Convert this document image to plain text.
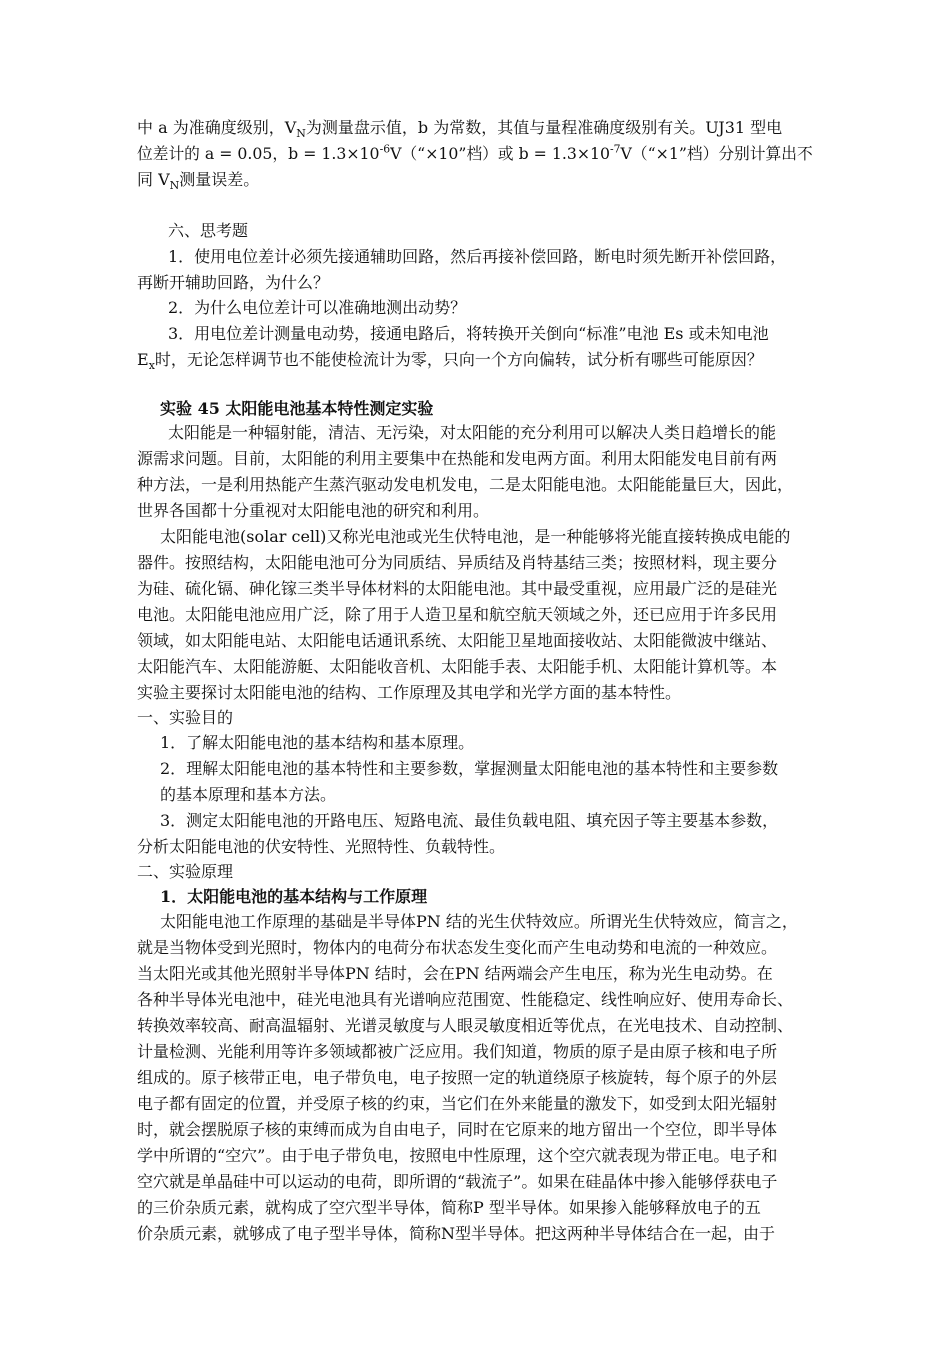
中 a 为准确度级别，$V_N$为测量盘示值，b 为常数，其值与量程准确度级别有关。UJ31 型电
位差计的 a = 0.05，$b = 1.3\times 10^{-6}V(“\times 10$”档）或 $b = 1.3\times 10^{-7}V(“\times 1$”档）分别计算出不
同 $V_N$测量误差。
六、思考题
1．使用电位差计必须先接通辅助回路，然后再接补偿回路，断电时须先断开补偿回路，
再断开辅助回路，为什么？
2．为什么电位差计可以准确地测出动势？
3．用电位差计测量电动势，接通电路后，将转换开关倒向“标准”电池 Es 或未知电池
$E_x$时，无论怎样调节也不能使检流计为零，只向一个方向偏转，试分析有哪些可能原因？
实验 45 太阳能电池基本特性测定实验
太阳能是一种辐射能，清洁、无污染，对太阳能的充分利用可以解决人类日趋增长的能
源需求问题。目前，太阳能的利用主要集中在热能和发电两方面。利用太阳能发电目前有两
种方法，一是利用热能产生蒸汽驱动发电机发电，二是太阳能电池。太阳能能量巨大，因此，
世界各国都十分重视对太阳能电池的研究和利用。
太阳能电池(solar cell)又称光电池或光生伏特电池，是一种能够将光能直接转换成电能的
器件。按照结构，太阳能电池可分为同质结、异质结及肖特基结三类；按照材料，现主要分
为硅、硫化镉、砷化镓三类半导体材料的太阳能电池。其中最受重视，应用最广泛的是硅光
电池。太阳能电池应用广泛，除了用于人造卫星和航空航天领域之外，还已应用于许多民用
领域，如太阳能电站、太阳能电话通讯系统、太阳能卫星地面接收站、太阳能微波中继站、
太阳能汽车、太阳能游艇、太阳能收音机、太阳能手表、太阳能手机、太阳能计算机等。本
实验主要探讨太阳能电池的结构、工作原理及其电学和光学方面的基本特性。
一、实验目的
1．了解太阳能电池的基本结构和基本原理。
2．理解太阳能电池的基本特性和主要参数，掌握测量太阳能电池的基本特性和主要参数
的基本原理和基本方法。
3．测定太阳能电池的开路电压、短路电流、最佳负载电阻、填充因子等主要基本参数，
分析太阳能电池的伏安特性、光照特性、负载特性。
二、实验原理
1．太阳能电池的基本结构与工作原理
太阳能电池工作原理的基础是半导体PN 结的光生伏特效应。所谓光生伏特效应，简言之，
就是当物体受到光照时，物体内的电荷分布状态发生变化而产生电动势和电流的一种效应。
当太阳光或其他光照射半导体PN 结时，会在PN 结两端会产生电压，称为光生电动势。在
各种半导体光电池中，硅光电池具有光谱响应范围宽、性能稳定、线性响应好、使用寿命长、
转换效率较高、耐高温辐射、光谱灵敏度与人眼灵敏度相近等优点，在光电技术、自动控制、
计量检测、光能利用等许多领域都被广泛应用。我们知道，物质的原子是由原子核和电子所
组成的。原子核带正电，电子带负电，电子按照一定的轨道绕原子核旋转，每个原子的外层
电子都有固定的位置，并受原子核的约束，当它们在外来能量的激发下，如受到太阳光辐射
时，就会摆脱原子核的束缚而成为自由电子，同时在它原来的地方留出一个空位，即半导体
学中所谓的“空穴”。由于电子带负电，按照电中性原理，这个空穴就表现为带正电。电子和
空穴就是单晶硅中可以运动的电荷，即所谓的“载流子”。如果在硅晶体中掺入能够俘获电子
的三价杂质元素，就构成了空穴型半导体，简称P 型半导体。如果掺入能够释放电子的五
价杂质元素，就够成了电子型半导体，简称N型半导体。把这两种半导体结合在一起，由于
